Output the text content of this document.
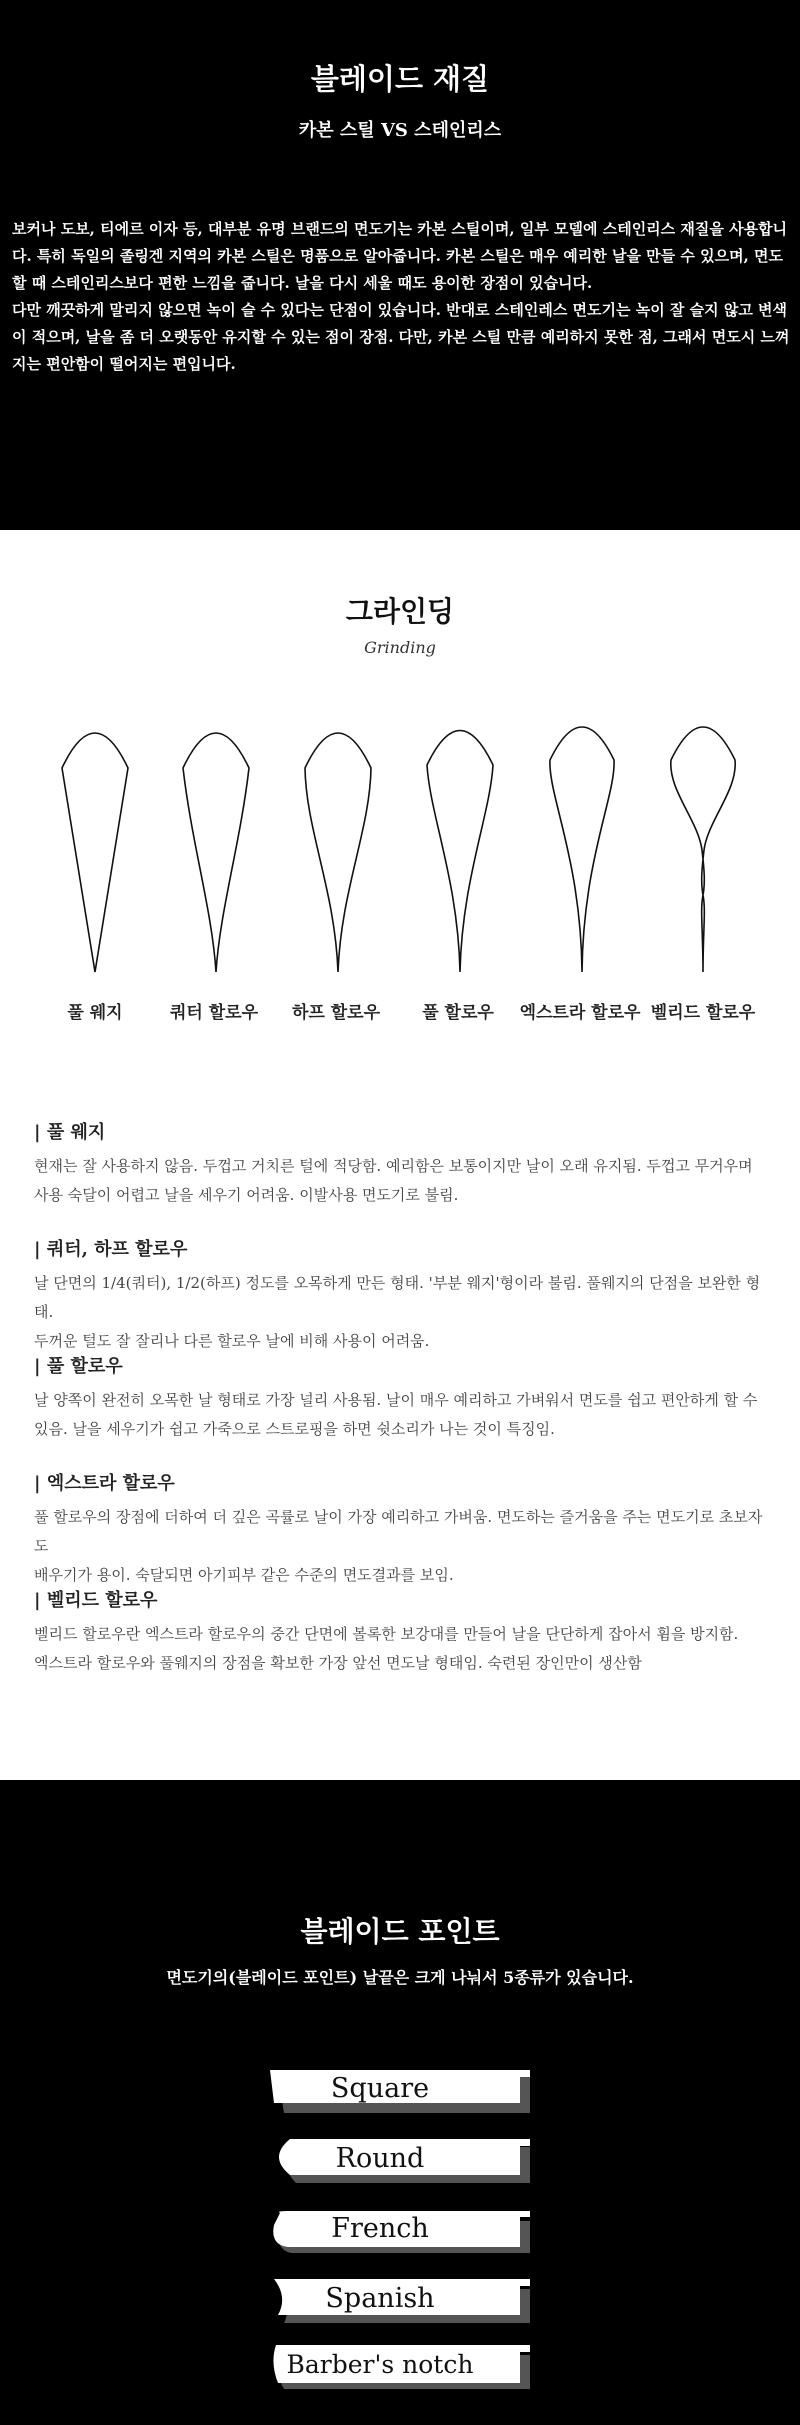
블레이드 재질
카본 스틸 VS 스테인리스

보커나 도보, 티에르 이자 등, 대부분 유명 브랜드의 면도기는 카본 스틸이며, 일부 모델에 스테인리스 재질을 사용합니다. 특히 독일의 졸링겐 지역의 카본 스틸은 명품으로 알아줍니다. 카본 스틸은 매우 예리한 날을 만들 수 있으며, 면도할 때 스테인리스보다 편한 느낌을 줍니다. 날을 다시 세울 때도 용이한 장점이 있습니다.

다만 깨끗하게 말리지 않으면 녹이 슬 수 있다는 단점이 있습니다. 반대로 스테인레스 면도기는 녹이 잘 슬지 않고 변색이 적으며, 날을 좀 더 오랫동안 유지할 수 있는 점이 장점. 다만, 카본 스틸 만큼 예리하지 못한 점, 그래서 면도시 느껴지는 편안함이 떨어지는 편입니다.

그라인딩
Grinding
풀 웨지	쿼터 할로우	하프 할로우	풀 할로우	엑스트라 할로우 벨리드 할로우
| 풀 웨지

현재는 잘 사용하지 않음. 두껍고 거치른 털에 적당함. 예리함은 보통이지만 날이 오래 유지됨. 두껍고 무거우며

사용 숙달이 어렵고 날을 세우기 어려움. 이발사용 면도기로 불림.

| 쿼터, 하프 할로우

날 단면의 1/4(쿼터), 1/2(하프) 정도를 오목하게 만든 형태. '부분 웨지'형이라 불림. 풀웨지의 단점을 보완한 형태.

두꺼운 털도 잘 잘리나 다른 할로우 날에 비해 사용이 어려움.

| 풀 할로우

날 양쪽이 완전히 오목한 날 형태로 가장 널리 사용됨. 날이 매우 예리하고 가벼워서 면도를 쉽고 편안하게 할 수

있음. 날을 세우기가 쉽고 가죽으로 스트로핑을 하면 쉿소리가 나는 것이 특징임.

| 엑스트라 할로우

풀 할로우의 장점에 더하여 더 깊은 곡률로 날이 가장 예리하고 가벼움. 면도하는 즐거움을 주는 면도기로 초보자도

배우기가 용이. 숙달되면 아기피부 같은 수준의 면도결과를 보임.

| 벨리드 할로우

벨리드 할로우란 엑스트라 할로우의 중간 단면에 볼록한 보강대를 만들어 날을 단단하게 잡아서 휨을 방지함.

엑스트라 할로우와 풀웨지의 장점을 확보한 가장 앞선 면도날 형태임. 숙련된 장인만이 생산함

블레이드 포인트
면도기의(블레이드 포인트) 날끝은 크게 나눠서 5종류가 있습니다.
Square
Round
French
Spanish
Barber's notch
